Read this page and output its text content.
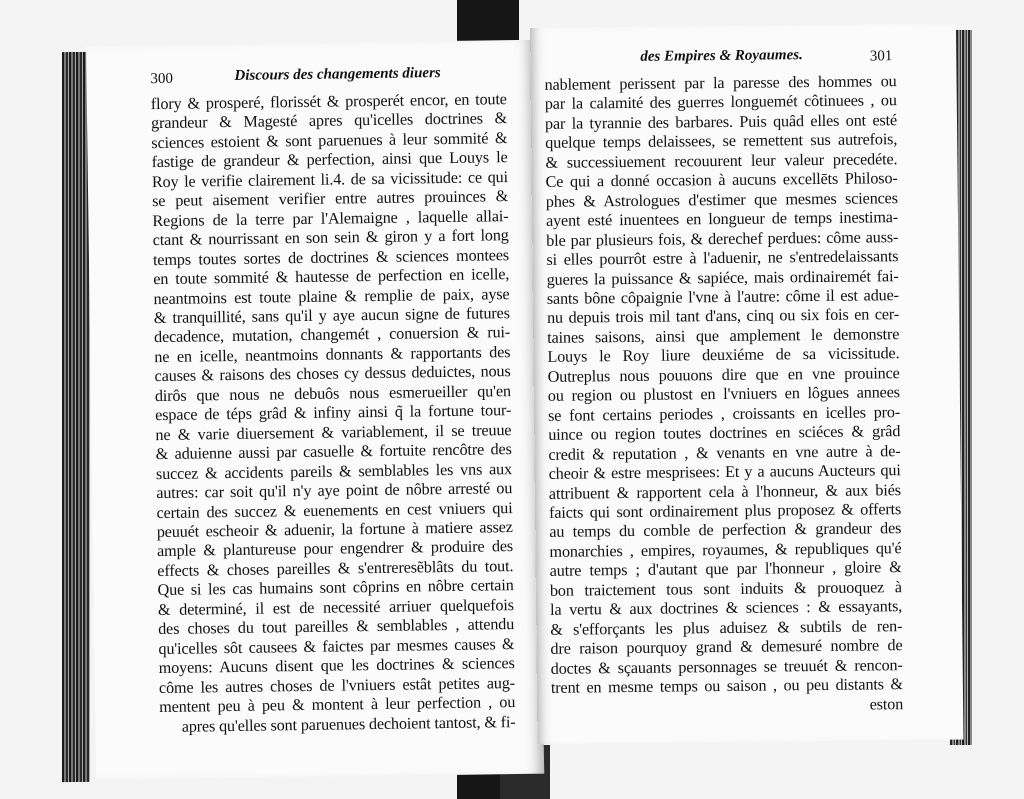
300	Discours des changements diuers
flory & prosperé, florissét & prosperét encor, en toute
grandeur & Magesté apres qu'icelles doctrines &
sciences estoient & sont paruenues à leur sommité &
fastige de grandeur & perfection, ainsi que Louys le
Roy le verifie clairement li.4. de sa vicissitude: ce qui
se peut aisement verifier entre autres prouinces &
Regions de la terre par l'Alemaigne , laquelle allai-
ctant & nourrissant en son sein & giron y a fort long
temps toutes sortes de doctrines & sciences montees
en toute sommité & hautesse de perfection en icelle,
neantmoins est toute plaine & remplie de paix, ayse
& tranquillité, sans qu'il y aye aucun signe de futures
decadence, mutation, changemét , conuersion & rui-
ne en icelle, neantmoins donnants & rapportants des
causes & raisons des choses cy dessus deduictes, nous
dirôs que nous ne debuôs nous esmerueiller qu'en
espace de téps grâd & infiny ainsi q̃ la fortune tour-
ne & varie diuersement & variablement, il se treuue
& aduienne aussi par casuelle & fortuite rencôtre des
succez & accidents pareils & semblables les vns aux
autres: car soit qu'il n'y aye point de nôbre arresté ou
certain des succez & euenements en cest vniuers qui
peuuét escheoir & aduenir, la fortune à matiere assez
ample & plantureuse pour engendrer & produire des
effects & choses pareilles & s'entreresẽblâts du tout.
Que si les cas humains sont côprins en nôbre certain
& determiné, il est de necessité arriuer quelquefois
des choses du tout pareilles & semblables , attendu
qu'icelles sôt causees & faictes par mesmes causes &
moyens: Aucuns disent que les doctrines & sciences
côme les autres choses de l'vniuers estât petites aug-
mentent peu à peu & montent à leur perfection , ou
apres qu'elles sont paruenues dechoient tantost, & fi-
des Empires & Royaumes.	301
nablement perissent par la paresse des hommes ou
par la calamité des guerres longuemét côtinuees , ou
par la tyrannie des barbares. Puis quâd elles ont esté
quelque temps delaissees, se remettent sus autrefois,
& successiuement recouurent leur valeur precedéte.
Ce qui a donné occasion à aucuns excellēts Philoso-
phes & Astrologues d'estimer que mesmes sciences
ayent esté inuentees en longueur de temps inestima-
ble par plusieurs fois, & derechef perdues: côme auss-
si elles pourrôt estre à l'aduenir, ne s'entredelaissants
gueres la puissance & sapiéce, mais ordinairemét fai-
sants bône côpaignie l'vne à l'autre: côme il est adue-
nu depuis trois mil tant d'ans, cinq ou six fois en cer-
taines saisons, ainsi que amplement le demonstre
Louys le Roy liure deuxiéme de sa vicissitude.
Outreplus nous pouuons dire que en vne prouince
ou region ou plustost en l'vniuers en lôgues annees
se font certains periodes , croissants en icelles pro-
uince ou region toutes doctrines en sciéces & grâd
credit & reputation , & venants en vne autre à de-
cheoir & estre mesprisees: Et y a aucuns Aucteurs qui
attribuent & rapportent cela à l'honneur, & aux biés
faicts qui sont ordinairement plus proposez & offerts
au temps du comble de perfection & grandeur des
monarchies , empires, royaumes, & republiques qu'é
autre temps ; d'autant que par l'honneur , gloire &
bon traictement tous sont induits & prouoquez à
la vertu & aux doctrines & sciences : & essayants,
& s'efforçants les plus aduisez & subtils de ren-
dre raison pourquoy grand & demesuré nombre de
doctes & sçauants personnages se treuuét & rencon-
trent en mesme temps ou saison , ou peu distants &
eston
